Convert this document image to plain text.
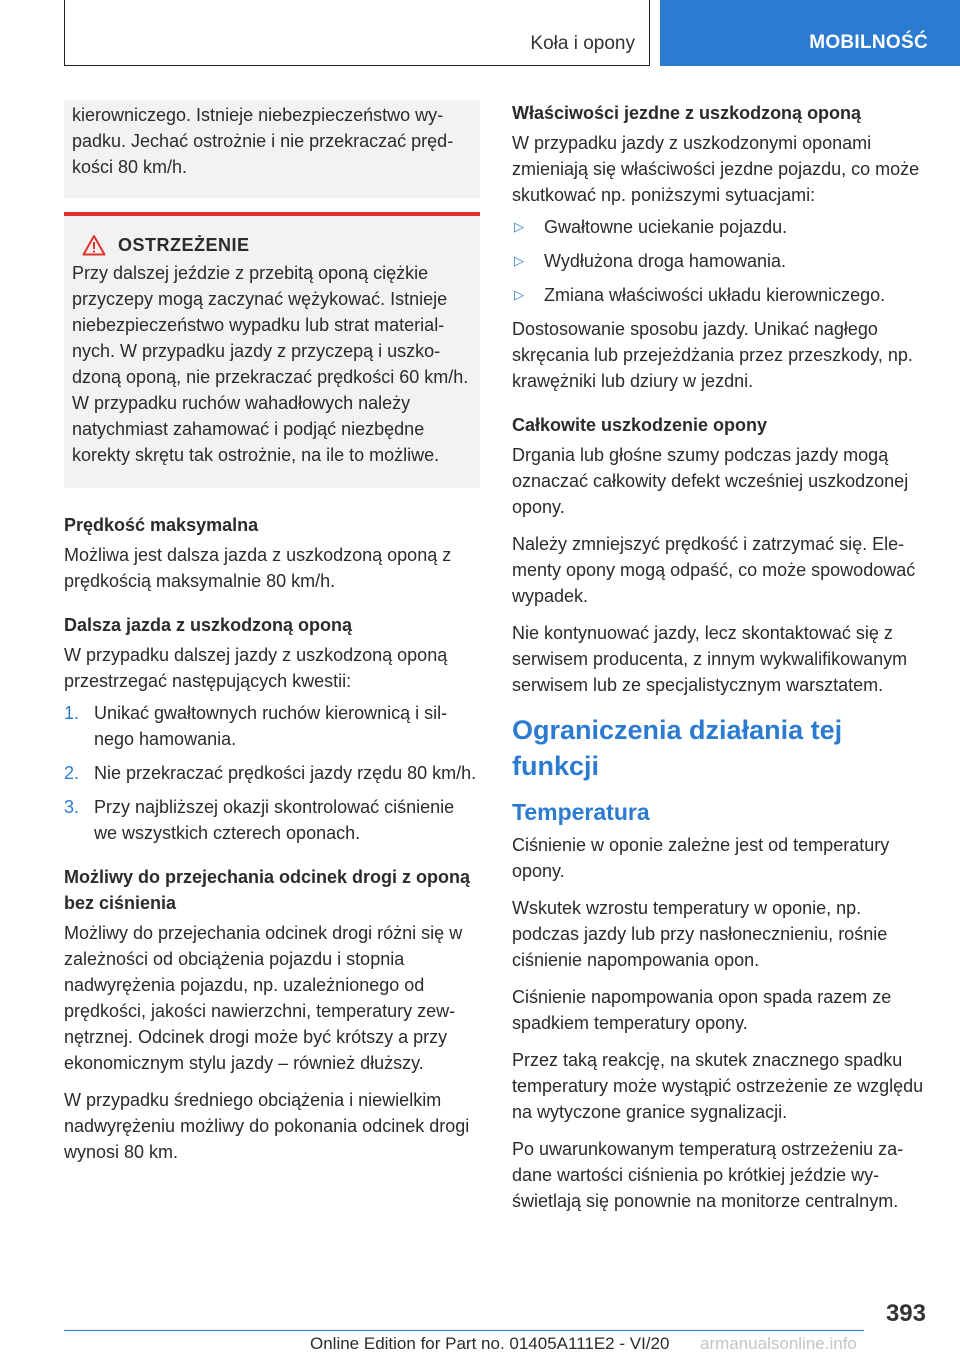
Koła i opony	MOBILNOŚĆ

kierowniczego. Istnieje niebezpieczeństwo wypadku. Jechać ostrożnie i nie przekraczać prędkości 80 km/h.

OSTRZEŻENIE

Przy dalszej jeździe z przebitą oponą ciężkie przyczepy mogą zaczynać wężykować. Istnieje niebezpieczeństwo wypadku lub strat materialnych. W przypadku jazdy z przyczepą i uszkodzoną oponą, nie przekraczać prędkości 60 km/h. W przypadku ruchów wahadłowych należy natychmiast zahamować i podjąć niezbędne korekty skrętu tak ostrożnie, na ile to możliwe.

Prędkość maksymalna

Możliwa jest dalsza jazda z uszkodzoną oponą z prędkością maksymalnie 80 km/h.

Dalsza jazda z uszkodzoną oponą

W przypadku dalszej jazdy z uszkodzoną oponą przestrzegać następujących kwestii:

1. Unikać gwałtownych ruchów kierownicą i silnego hamowania.
2. Nie przekraczać prędkości jazdy rzędu 80 km/h.
3. Przy najbliższej okazji skontrolować ciśnienie we wszystkich czterech oponach.
Możliwy do przejechania odcinek drogi z oponą bez ciśnienia

Możliwy do przejechania odcinek drogi różni się w zależności od obciążenia pojazdu i stopnia nadwyrężenia pojazdu, np. uzależnionego od prędkości, jakości nawierzchni, temperatury zewnętrznej. Odcinek drogi może być krótszy a przy ekonomicznym stylu jazdy – również dłuższy.

W przypadku średniego obciążenia i niewielkim nadwyrężeniu możliwy do pokonania odcinek drogi wynosi 80 km.

Właściwości jezdne z uszkodzoną oponą

W przypadku jazdy z uszkodzonymi oponami zmieniają się właściwości jezdne pojazdu, co może skutkować np. poniższymi sytuacjami:

▷	Gwałtowne uciekanie pojazdu.
▷	Wydłużona droga hamowania.
▷	Zmiana właściwości układu kierowniczego.

Dostosowanie sposobu jazdy. Unikać nagłego skręcania lub przejeżdżania przez przeszkody, np. krawężniki lub dziury w jezdni.

Całkowite uszkodzenie opony

Drgania lub głośne szumy podczas jazdy mogą oznaczać całkowity defekt wcześniej uszkodzonej opony.

Należy zmniejszyć prędkość i zatrzymać się. Elementy opony mogą odpaść, co może spowodować wypadek.

Nie kontynuować jazdy, lecz skontaktować się z serwisem producenta, z innym wykwalifikowanym serwisem lub ze specjalistycznym warsztatem.

Ograniczenia działania tej funkcji
Temperatura

Ciśnienie w oponie zależne jest od temperatury opony.

Wskutek wzrostu temperatury w oponie, np. podczas jazdy lub przy nasłonecznieniu, rośnie ciśnienie napompowania opon.

Ciśnienie napompowania opon spada razem ze spadkiem temperatury opony.

Przez taką reakcję, na skutek znacznego spadku temperatury może wystąpić ostrzeżenie ze względu na wytyczone granice sygnalizacji.

Po uwarunkowanym temperaturą ostrzeżeniu zadane wartości ciśnienia po krótkiej jeździe wyświetlają się ponownie na monitorze centralnym.

393
Online Edition for Part no. 01405A111E2 - VI/20 armanualsonline.info
